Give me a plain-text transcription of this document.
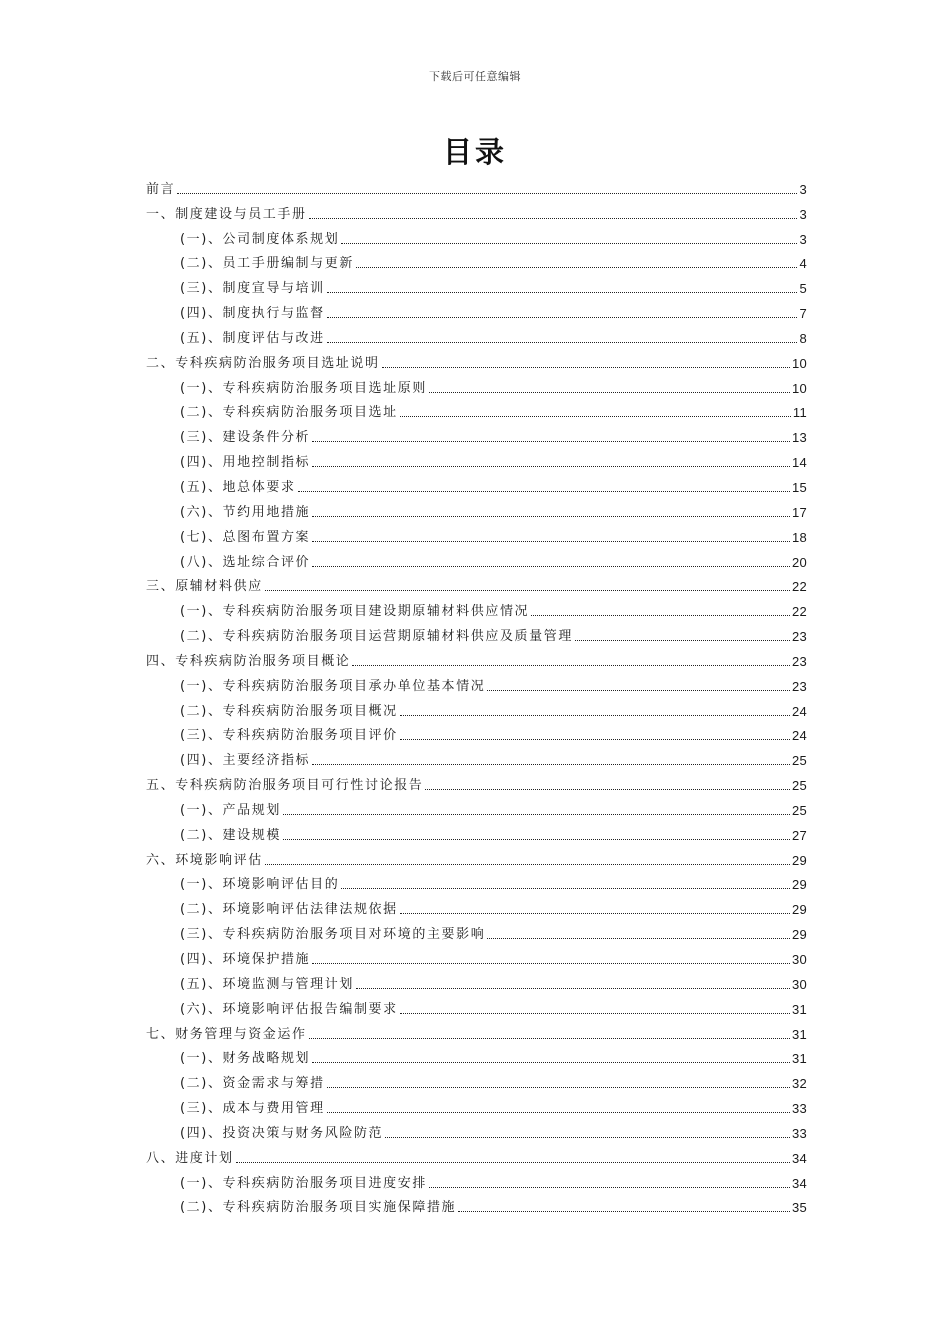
下载后可任意编辑
目录
前言	3
一、制度建设与员工手册	3
(一)、公司制度体系规划	3
(二)、员工手册编制与更新	4
(三)、制度宣导与培训	5
(四)、制度执行与监督	7
(五)、制度评估与改进	8
二、专科疾病防治服务项目选址说明	10
(一)、专科疾病防治服务项目选址原则	10
(二)、专科疾病防治服务项目选址	11
(三)、建设条件分析	13
(四)、用地控制指标	14
(五)、地总体要求	15
(六)、节约用地措施	17
(七)、总图布置方案	18
(八)、选址综合评价	20
三、原辅材料供应	22
(一)、专科疾病防治服务项目建设期原辅材料供应情况	22
(二)、专科疾病防治服务项目运营期原辅材料供应及质量管理	23
四、专科疾病防治服务项目概论	23
(一)、专科疾病防治服务项目承办单位基本情况	23
(二)、专科疾病防治服务项目概况	24
(三)、专科疾病防治服务项目评价	24
(四)、主要经济指标	25
五、专科疾病防治服务项目可行性讨论报告	25
(一)、产品规划	25
(二)、建设规模	27
六、环境影响评估	29
(一)、环境影响评估目的	29
(二)、环境影响评估法律法规依据	29
(三)、专科疾病防治服务项目对环境的主要影响	29
(四)、环境保护措施	30
(五)、环境监测与管理计划	30
(六)、环境影响评估报告编制要求	31
七、财务管理与资金运作	31
(一)、财务战略规划	31
(二)、资金需求与筹措	32
(三)、成本与费用管理	33
(四)、投资决策与财务风险防范	33
八、进度计划	34
(一)、专科疾病防治服务项目进度安排	34
(二)、专科疾病防治服务项目实施保障措施	35
